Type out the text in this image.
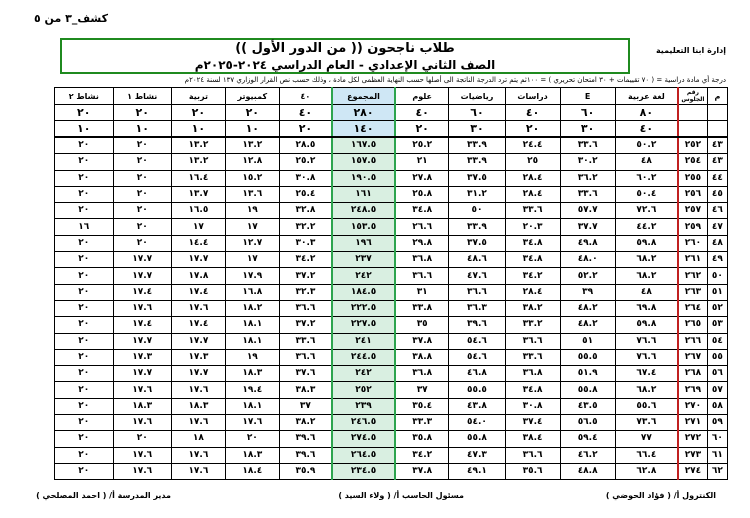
كشف_٣ من ٥
إدارة ابنا التعليمية
طلاب ناجحون (( من الدور الأول ))
الصف الثاني الإعدادي - العام الدراسي ٢٠٢٤-٢٠٢٥م
درجة أي مادة دراسية = ( ٧٠ تقييمات + ٣٠ امتحان تحريري ) = ١٠٠ثم يتم ترد الدرجة الناتجة الى أصلها حسب النهاية العظمى لكل مادة ، وذلك حسب نص القرار الوزاري ١٣٧ لسنة ٢٠٢٤م
م	رقم الجلوس	لغة عربية	E	دراسات	رياضيات	علوم	المجموع	٤٠	كمبيوتر	تربية	نشاط ١	نشاط ٢
		٨٠	٦٠	٤٠	٦٠	٤٠	٢٨٠	٤٠	٢٠	٢٠	٢٠	٢٠
		٤٠	٣٠	٢٠	٣٠	٢٠	١٤٠	٢٠	١٠	١٠	١٠	١٠
٤٣	٢٥٢	٥٠.٢	٣٣.٦	٢٤.٤	٣٣.٩	٢٥.٢	١٦٧.٥	٢٨.٥	١٣.٢	١٣.٢	٢٠	٢٠
٤٣	٢٥٤	٤٨	٣٠.٢	٢٥	٣٣.٩	٢١	١٥٧.٥	٢٥.٢	١٢.٨	١٣.٢	٢٠	٢٠
٤٤	٢٥٥	٦٠.٢	٣٦.٢	٢٨.٤	٣٧.٥	٢٧.٨	١٩٠.٥	٣٠.٨	١٥.٢	١٦.٤	٢٠	٢٠
٤٥	٢٥٦	٥٠.٤	٣٣.٦	٢٨.٤	٣١.٢	٢٥.٨	١٦١	٢٥.٤	١٣.٦	١٣.٧	٢٠	٢٠
٤٦	٢٥٧	٧٢.٦	٥٧.٧	٣٣.٦	٥٠	٣٤.٨	٢٤٨.٥	٣٢.٨	١٩	١٦.٥	٢٠	٢٠
٤٧	٢٥٩	٤٤.٢	٣٧.٧	٢٠.٣	٣٣.٩	٢٦.٦	١٥٣.٥	٣٢.٢	١٧	١٧	٢٠	١٦
٤٨	٢٦٠	٥٩.٨	٤٩.٨	٣٤.٨	٣٧.٥	٢٩.٨	١٩٦	٣٠.٣	١٢.٧	١٤.٤	٢٠	٢٠
٤٩	٢٦١	٦٨.٢	٤٨.٠	٣٤.٨	٤٨.٦	٣٦.٨	٢٣٧	٣٤.٢	١٧	١٧.٧	١٧.٧	٢٠
٥٠	٢٦٢	٦٨.٢	٥٢.٢	٣٤.٢	٤٧.٦	٣٦.٦	٢٤٢	٣٧.٢	١٧.٩	١٧.٨	١٧.٧	٢٠
٥١	٢٦٣	٤٨	٣٩	٢٨.٤	٣٦.٦	٣١	١٨٤.٥	٣٢.٣	١٦.٨	١٧.٤	١٧.٤	٢٠
٥٢	٢٦٤	٦٩.٨	٤٨.٢	٣٨.٢	٣٦.٣	٣٣.٨	٢٢٢.٥	٣٦.٦	١٨.٢	١٧.٦	١٧.٦	٢٠
٥٣	٢٦٥	٥٩.٨	٤٨.٢	٣٣.٢	٣٩.٦	٣٥	٢٢٧.٥	٣٧.٢	١٨.١	١٧.٤	١٧.٤	٢٠
٥٤	٢٦٦	٧٦.٦	٥١	٣٦.٦	٥٤.٦	٣٧.٨	٢٤١	٣٣.٦	١٨.١	١٧.٧	١٧.٧	٢٠
٥٥	٢٦٧	٧٦.٦	٥٥.٥	٣٣.٦	٥٤.٦	٣٨.٨	٢٤٤.٥	٣٦.٦	١٩	١٧.٣	١٧.٣	٢٠
٥٦	٢٦٨	٦٧.٤	٥١.٩	٣٦.٨	٤٦.٨	٣٦.٨	٢٤٢	٣٧.٦	١٨.٣	١٧.٧	١٧.٧	٢٠
٥٧	٢٦٩	٦٨.٢	٥٥.٨	٣٤.٨	٥٥.٥	٣٧	٢٥٢	٣٨.٣	١٩.٤	١٧.٦	١٧.٦	٢٠
٥٨	٢٧٠	٥٥.٦	٤٣.٥	٣٠.٨	٤٣.٨	٣٥.٤	٢٣٩	٣٧	١٨.١	١٨.٣	١٨.٣	٢٠
٥٩	٢٧١	٧٣.٦	٥٦.٥	٣٧.٤	٥٤.٠	٣٣.٣	٢٤٦.٥	٣٨.٢	١٧.٦	١٧.٦	١٧.٦	٢٠
٦٠	٢٧٢	٧٧	٥٩.٤	٣٨.٤	٥٥.٨	٣٥.٨	٢٧٤.٥	٣٩.٦	٢٠	١٨	٢٠	٢٠
٦١	٢٧٣	٦٦.٤	٤٦.٢	٣٦.٦	٤٧.٣	٣٤.٢	٢٦٤.٥	٣٩.٦	١٨.٣	١٧.٦	١٧.٦	٢٠
٦٢	٢٧٤	٦٢.٨	٤٨.٨	٣٥.٦	٤٩.١	٣٧.٨	٢٣٤.٥	٣٥.٩	١٨.٤	١٧.٦	١٧.٦	٢٠
الكنترول أ/ ( فؤاد الحوضي )
مسئول الحاسب أ/ ( ولاء السيد )
مدير المدرسة أ/ ( احمد المصلحي )
